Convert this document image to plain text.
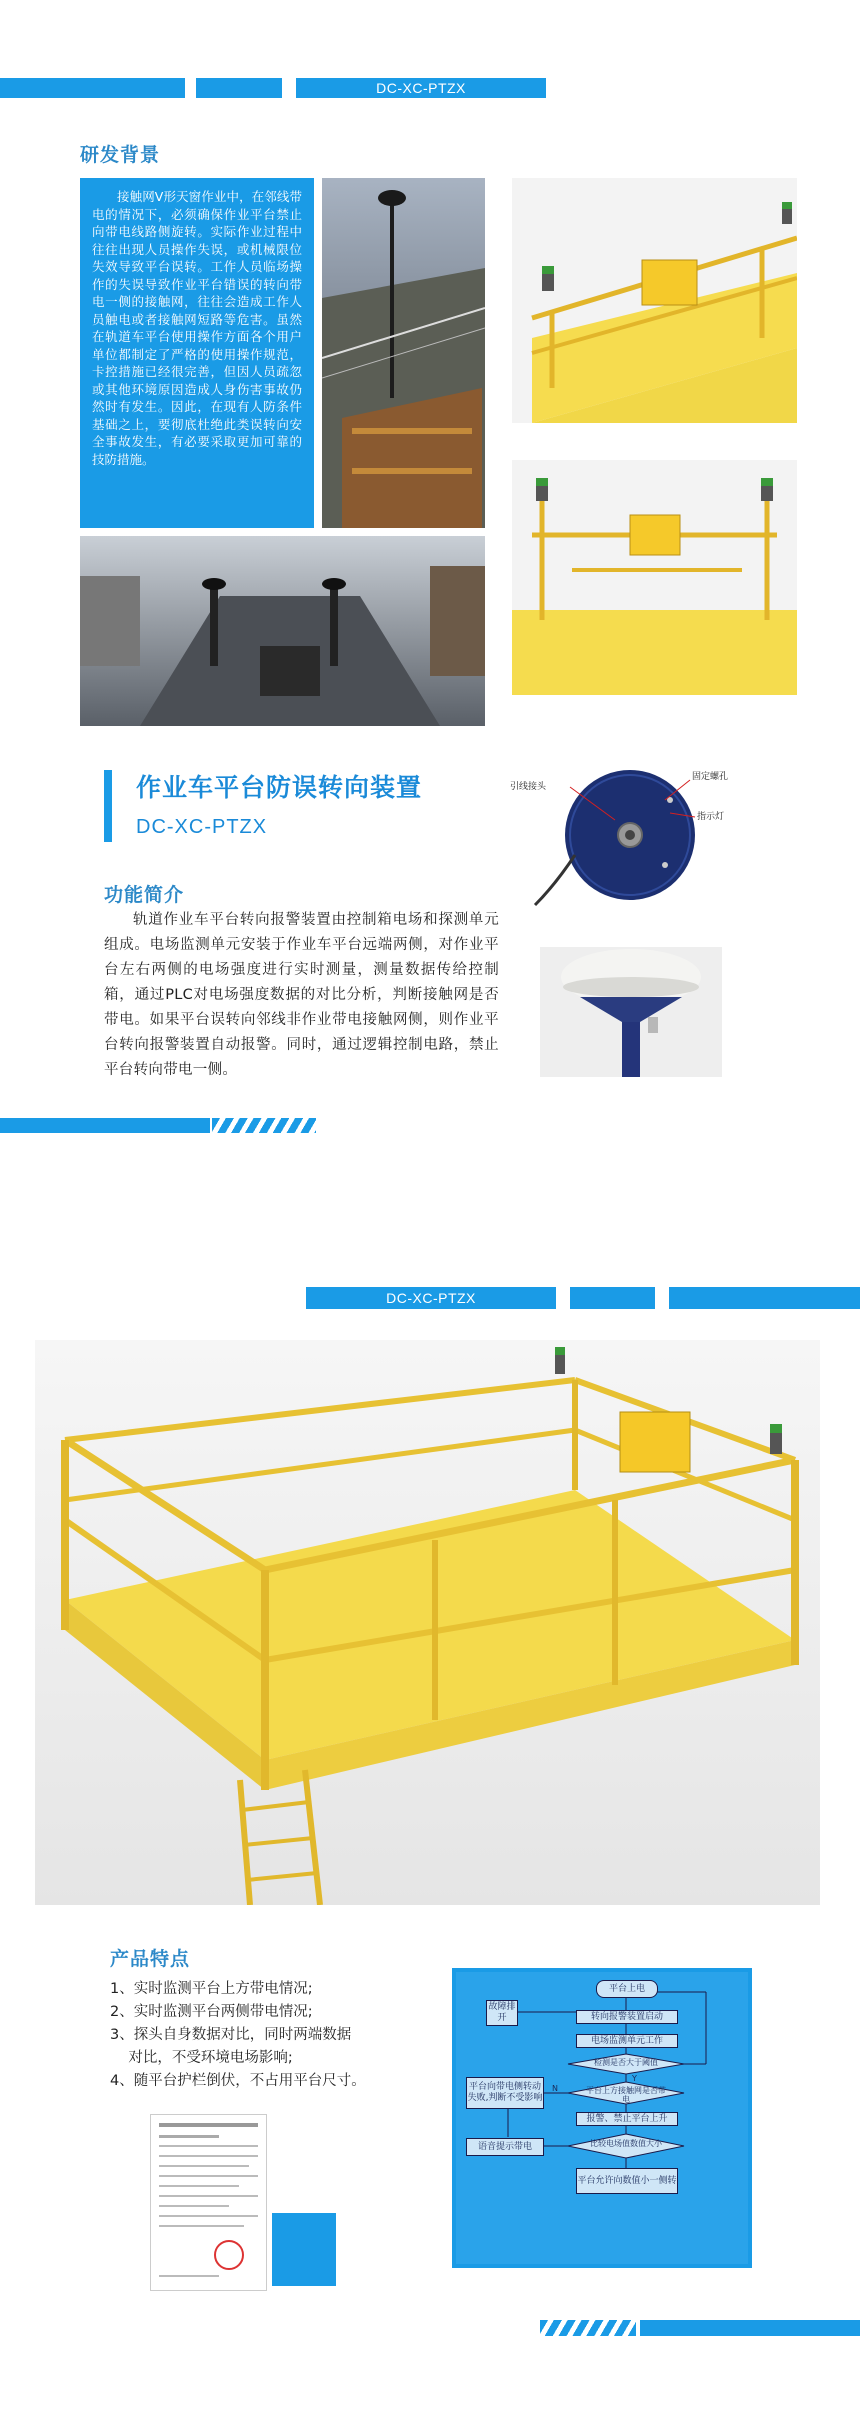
DC-XC-PTZX
研发背景
接触网V形天窗作业中，在邻线带电的情况下，必须确保作业平台禁止向带电线路侧旋转。实际作业过程中往往出现人员操作失误，或机械限位失效导致平台误转。工作人员临场操作的失误导致作业平台错误的转向带电一侧的接触网，往往会造成工作人员触电或者接触网短路等危害。虽然在轨道车平台使用操作方面各个用户单位都制定了严格的使用操作规范，卡控措施已经很完善，但因人员疏忽或其他环境原因造成人身伤害事故仍然时有发生。因此，在现有人防条件基础之上，要彻底杜绝此类误转向安全事故发生，有必要采取更加可靠的技防措施。
作业车平台防误转向装置
DC-XC-PTZX
引线接头
固定螺孔
指示灯
功能简介
轨道作业车平台转向报警装置由控制箱电场和探测单元组成。电场监测单元安装于作业车平台远端两侧，对作业平台左右两侧的电场强度进行实时测量，测量数据传给控制箱，通过PLC对电场强度数据的对比分析，判断接触网是否带电。如果平台误转向邻线非作业带电接触网侧，则作业平台转向报警装置自动报警。同时，通过逻辑控制电路，禁止平台转向带电一侧。
DC-XC-PTZX
产品特点
1、实时监测平台上方带电情况;
2、实时监测平台两侧带电情况;
3、探头自身数据对比，同时两端数据
对比，不受环境电场影响;
4、随平台护栏倒伏，不占用平台尺寸。
平台上电
转向报警装置启动
电场监测单元工作
检测是否大于阈值
平台上方接触网是否带电
报警、禁止平台上升
比较电场值数值大小
平台允许向数值小一侧转
语音提示带电
平台向带电侧转动失败,判断不受影响
故障排开
Y
N
